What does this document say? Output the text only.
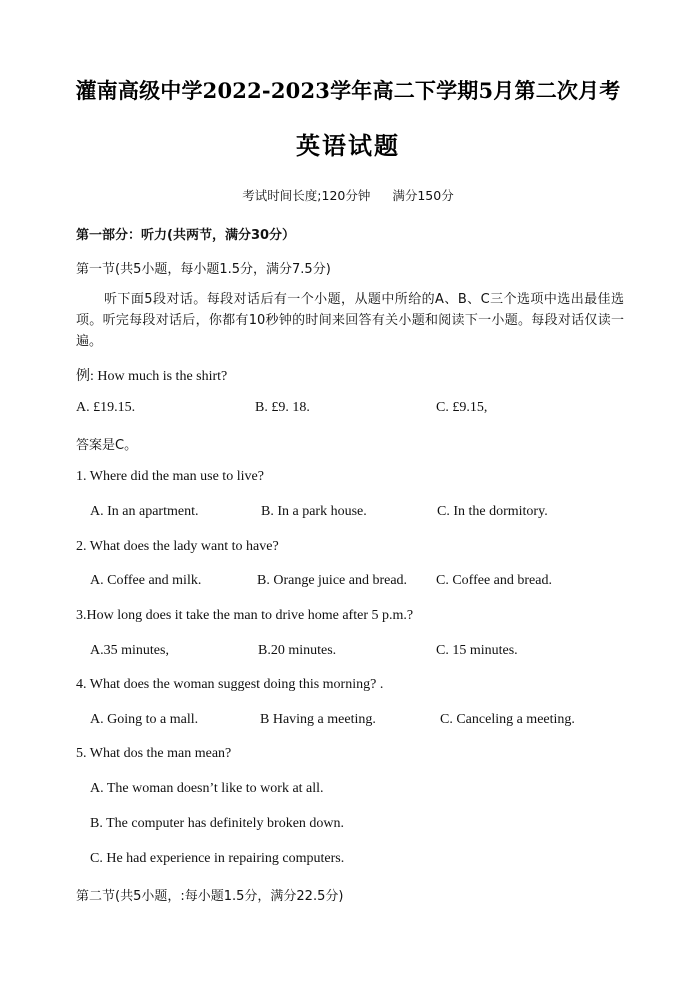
灌南高级中学2022-2023学年高二下学期5月第二次月考
英语试题
考试时间长度;120分钟 满分150分
第一部分：听力(共两节，满分30分）
第一节(共5小题，每小题1.5分，满分7.5分)
听下面5段对话。每段对话后有一个小题，从题中所给的A、B、C三个选项中选出最佳选项。听完每段对话后，你都有10秒钟的时间来回答有关小题和阅读下一小题。每段对话仅读一遍。
例: How much is the shirt?
A. £19.15.	B. £9. 18.	C. £9.15,
答案是C。
1. Where did the man use to live?
A. In an apartment.	B. In a park house.	C. In the dormitory.
2. What does the lady want to have?
A. Coffee and milk.	B. Orange juice and bread. C. Coffee and bread.
3.How long does it take the man to drive home after 5 p.m.?
A.35 minutes,	B.20 minutes.	C. 15 minutes.
4. What does the woman suggest doing this morning? .
A. Going to a mall.	B Having a meeting.	C. Canceling a meeting.
5. What dos the man mean?
A. The woman doesn’t like to work at all.
B. The computer has definitely broken down.
C. He had experience in repairing computers.
第二节(共5小题，:每小题1.5分，满分22.5分)
